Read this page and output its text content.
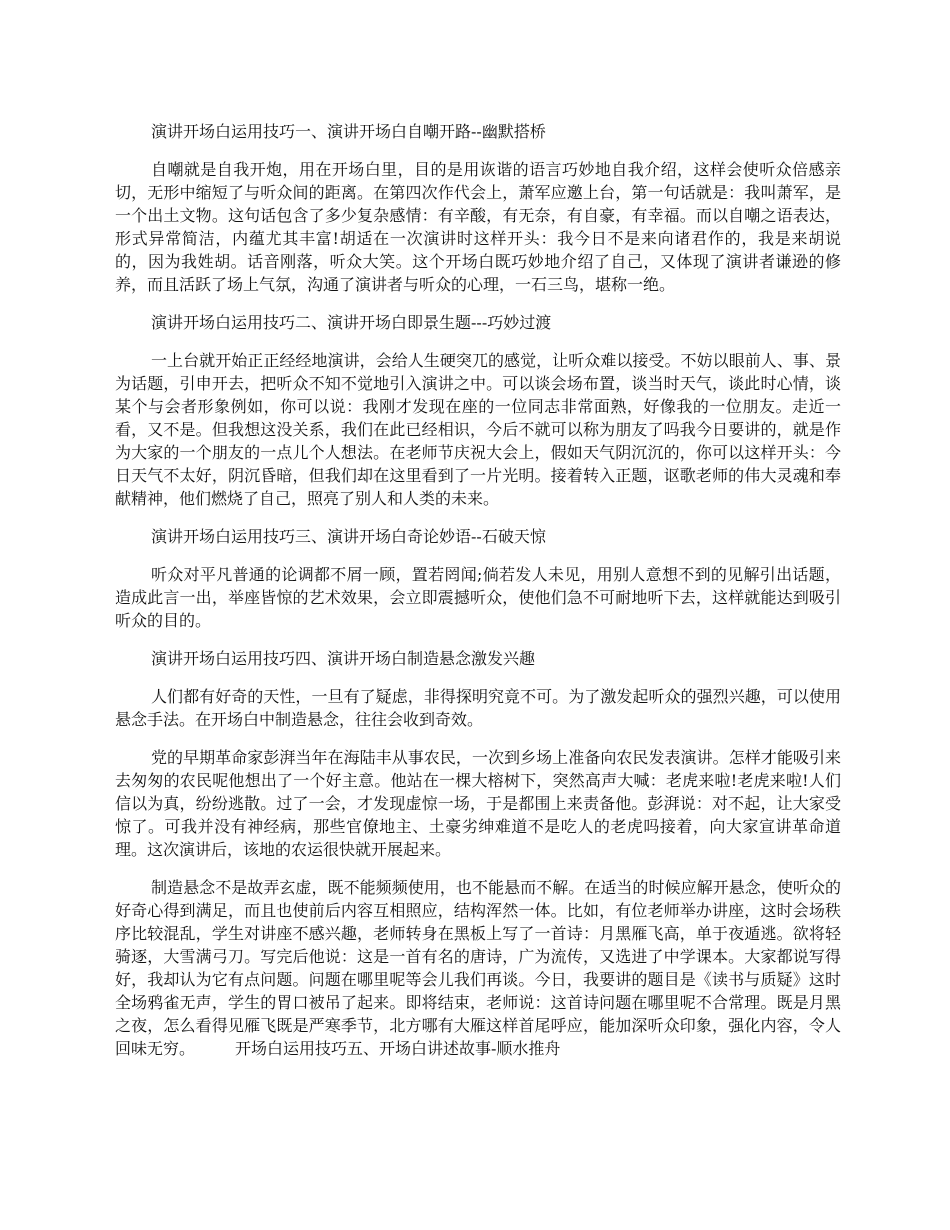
演讲开场白运用技巧一、演讲开场白自嘲开路--幽默搭桥

自嘲就是自我开炮，用在开场白里，目的是用诙谐的语言巧妙地自我介绍，这样会使听众倍感亲切，无形中缩短了与听众间的距离。在第四次作代会上，萧军应邀上台，第一句话就是：我叫萧军，是一个出土文物。这句话包含了多少复杂感情：有辛酸，有无奈，有自豪，有幸福。而以自嘲之语表达，形式异常简洁，内蕴尤其丰富!胡适在一次演讲时这样开头：我今日不是来向诸君作的，我是来胡说的，因为我姓胡。话音刚落，听众大笑。这个开场白既巧妙地介绍了自己，又体现了演讲者谦逊的修养，而且活跃了场上气氛，沟通了演讲者与听众的心理，一石三鸟，堪称一绝。

演讲开场白运用技巧二、演讲开场白即景生题---巧妙过渡

一上台就开始正正经经地演讲，会给人生硬突兀的感觉，让听众难以接受。不妨以眼前人、事、景为话题，引申开去，把听众不知不觉地引入演讲之中。可以谈会场布置，谈当时天气，谈此时心情，谈某个与会者形象例如，你可以说：我刚才发现在座的一位同志非常面熟，好像我的一位朋友。走近一看，又不是。但我想这没关系，我们在此已经相识，今后不就可以称为朋友了吗我今日要讲的，就是作为大家的一个朋友的一点儿个人想法。在老师节庆祝大会上，假如天气阴沉沉的，你可以这样开头：今日天气不太好，阴沉昏暗，但我们却在这里看到了一片光明。接着转入正题，讴歌老师的伟大灵魂和奉献精神，他们燃烧了自己，照亮了别人和人类的未来。

演讲开场白运用技巧三、演讲开场白奇论妙语--石破天惊

听众对平凡普通的论调都不屑一顾，置若罔闻;倘若发人未见，用别人意想不到的见解引出话题，造成此言一出，举座皆惊的艺术效果，会立即震撼听众，使他们急不可耐地听下去，这样就能达到吸引听众的目的。

演讲开场白运用技巧四、演讲开场白制造悬念激发兴趣

人们都有好奇的天性，一旦有了疑虑，非得探明究竟不可。为了激发起听众的强烈兴趣，可以使用悬念手法。在开场白中制造悬念，往往会收到奇效。

党的早期革命家彭湃当年在海陆丰从事农民，一次到乡场上准备向农民发表演讲。怎样才能吸引来去匆匆的农民呢他想出了一个好主意。他站在一棵大榕树下，突然高声大喊：老虎来啦!老虎来啦!人们信以为真，纷纷逃散。过了一会，才发现虚惊一场，于是都围上来责备他。彭湃说：对不起，让大家受惊了。可我并没有神经病，那些官僚地主、土豪劣绅难道不是吃人的老虎吗接着，向大家宣讲革命道理。这次演讲后，该地的农运很快就开展起来。

制造悬念不是故弄玄虚，既不能频频使用，也不能悬而不解。在适当的时候应解开悬念，使听众的好奇心得到满足，而且也使前后内容互相照应，结构浑然一体。比如，有位老师举办讲座，这时会场秩序比较混乱，学生对讲座不感兴趣，老师转身在黑板上写了一首诗：月黑雁飞高，单于夜遁逃。欲将轻骑逐，大雪满弓刀。写完后他说：这是一首有名的唐诗，广为流传，又选进了中学课本。大家都说写得好，我却认为它有点问题。问题在哪里呢等会儿我们再谈。今日，我要讲的题目是《读书与质疑》这时全场鸦雀无声，学生的胃口被吊了起来。即将结束，老师说：这首诗问题在哪里呢不合常理。既是月黑之夜，怎么看得见雁飞既是严寒季节，北方哪有大雁这样首尾呼应，能加深听众印象，强化内容，令人回味无穷。	开场白运用技巧五、开场白讲述故事-顺水推舟
